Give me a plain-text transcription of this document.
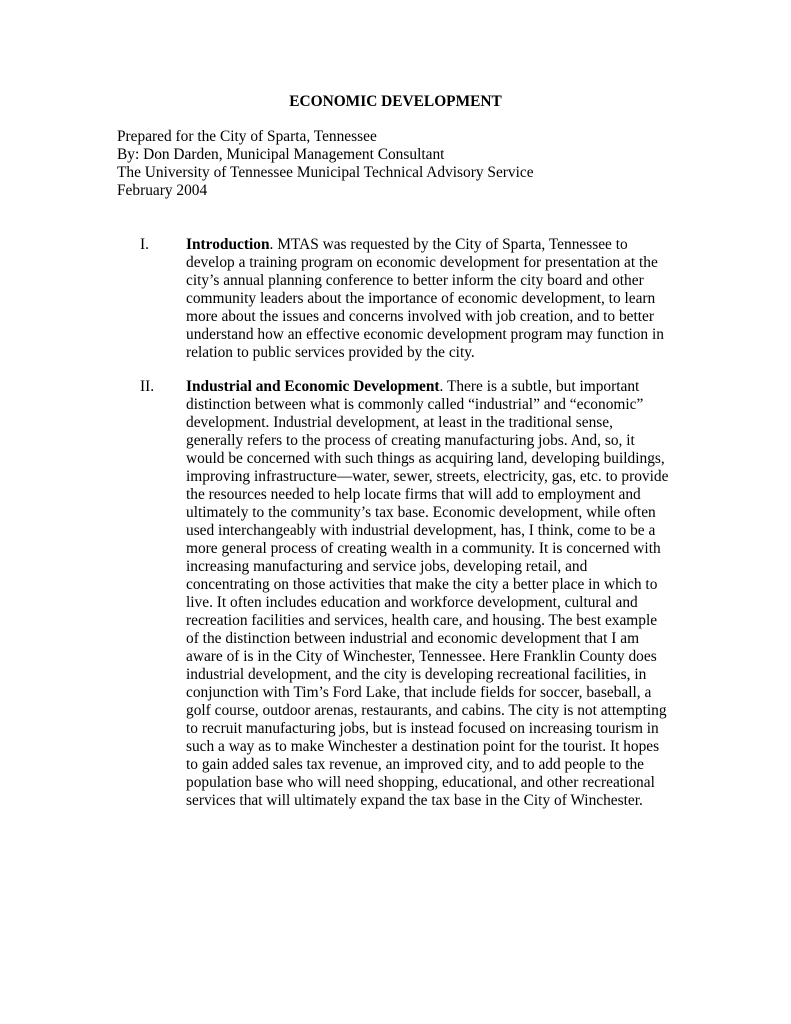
ECONOMIC DEVELOPMENT
Prepared for the City of Sparta, Tennessee
By: Don Darden, Municipal Management Consultant
The University of Tennessee Municipal Technical Advisory Service
February 2004
I. Introduction. MTAS was requested by the City of Sparta, Tennessee to
develop a training program on economic development for presentation at the
city’s annual planning conference to better inform the city board and other
community leaders about the importance of economic development, to learn
more about the issues and concerns involved with job creation, and to better
understand how an effective economic development program may function in
relation to public services provided by the city.
II. Industrial and Economic Development. There is a subtle, but important
distinction between what is commonly called “industrial” and “economic”
development. Industrial development, at least in the traditional sense,
generally refers to the process of creating manufacturing jobs. And, so, it
would be concerned with such things as acquiring land, developing buildings,
improving infrastructure—water, sewer, streets, electricity, gas, etc. to provide
the resources needed to help locate firms that will add to employment and
ultimately to the community’s tax base. Economic development, while often
used interchangeably with industrial development, has, I think, come to be a
more general process of creating wealth in a community. It is concerned with
increasing manufacturing and service jobs, developing retail, and
concentrating on those activities that make the city a better place in which to
live. It often includes education and workforce development, cultural and
recreation facilities and services, health care, and housing. The best example
of the distinction between industrial and economic development that I am
aware of is in the City of Winchester, Tennessee. Here Franklin County does
industrial development, and the city is developing recreational facilities, in
conjunction with Tim’s Ford Lake, that include fields for soccer, baseball, a
golf course, outdoor arenas, restaurants, and cabins. The city is not attempting
to recruit manufacturing jobs, but is instead focused on increasing tourism in
such a way as to make Winchester a destination point for the tourist. It hopes
to gain added sales tax revenue, an improved city, and to add people to the
population base who will need shopping, educational, and other recreational
services that will ultimately expand the tax base in the City of Winchester.
